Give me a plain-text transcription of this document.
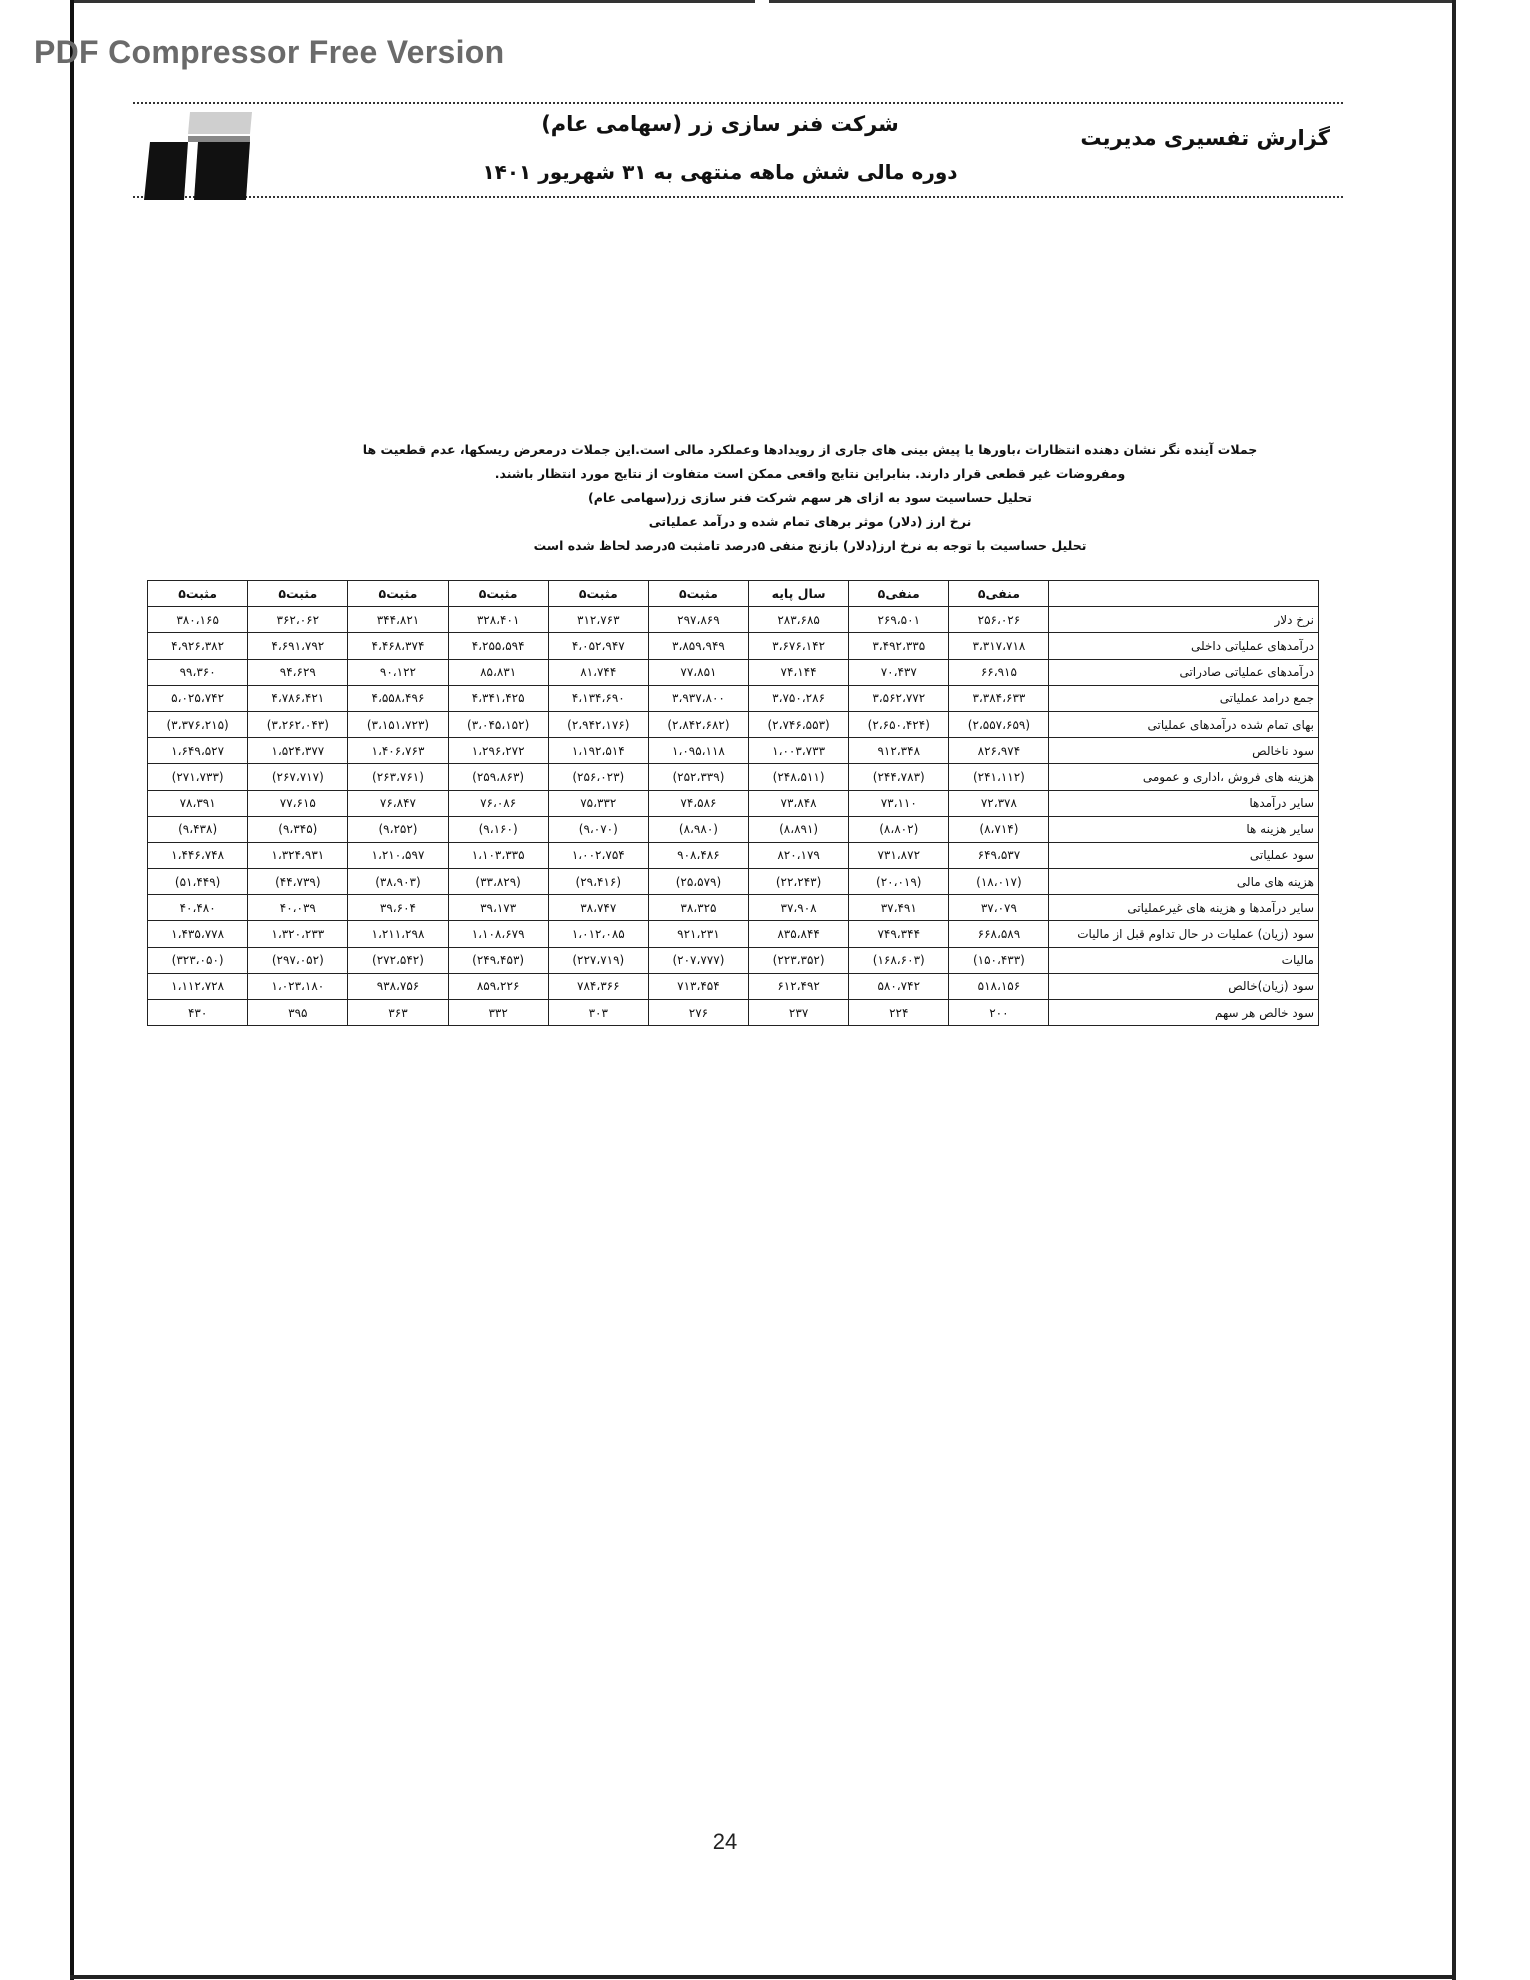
PDF Compressor Free Version
شرکت فنر سازی زر (سهامی عام)
دوره مالی شش ماهه منتهی به ۳۱ شهریور ۱۴۰۱
گزارش تفسیری مدیریت
جملات آینده نگر نشان دهنده انتظارات ،باورها یا پیش بینی های جاری از رویدادها وعملکرد مالی است.این جملات درمعرض ریسکها، عدم قطعیت ها
ومفروضات غیر قطعی قرار دارند. بنابراین نتایج واقعی ممکن است متفاوت از نتایج مورد انتظار باشند.
تحلیل حساسیت سود به ازای هر سهم شرکت فنر سازی زر(سهامی عام)
نرخ ارز (دلار) موثر برهای تمام شده و درآمد عملیاتی
تحلیل حساسیت با توجه به نرخ ارز(دلار) بازنج منفی ۵درصد تامثبت ۵درصد لحاظ شده است
	منفی۵	منفی۵	سال پایه	مثبت۵	مثبت۵	مثبت۵	مثبت۵	مثبت۵	مثبت۵
نرخ دلار	۲۵۶،۰۲۶	۲۶۹،۵۰۱	۲۸۳،۶۸۵	۲۹۷،۸۶۹	۳۱۲،۷۶۳	۳۲۸،۴۰۱	۳۴۴،۸۲۱	۳۶۲،۰۶۲	۳۸۰،۱۶۵
درآمدهای عملیاتی داخلی	۳،۳۱۷،۷۱۸	۳،۴۹۲،۳۳۵	۳،۶۷۶،۱۴۲	۳،۸۵۹،۹۴۹	۴،۰۵۲،۹۴۷	۴،۲۵۵،۵۹۴	۴،۴۶۸،۳۷۴	۴،۶۹۱،۷۹۲	۴،۹۲۶،۳۸۲
درآمدهای عملیاتی صادراتی	۶۶،۹۱۵	۷۰،۴۳۷	۷۴،۱۴۴	۷۷،۸۵۱	۸۱،۷۴۴	۸۵،۸۳۱	۹۰،۱۲۲	۹۴،۶۲۹	۹۹،۳۶۰
جمع درامد عملیاتی	۳،۳۸۴،۶۳۳	۳،۵۶۲،۷۷۲	۳،۷۵۰،۲۸۶	۳،۹۳۷،۸۰۰	۴،۱۳۴،۶۹۰	۴،۳۴۱،۴۲۵	۴،۵۵۸،۴۹۶	۴،۷۸۶،۴۲۱	۵،۰۲۵،۷۴۲
بهای تمام شده درآمدهای عملیاتی	(۲،۵۵۷،۶۵۹)	(۲،۶۵۰،۴۲۴)	(۲،۷۴۶،۵۵۳)	(۲،۸۴۲،۶۸۲)	(۲،۹۴۲،۱۷۶)	(۳،۰۴۵،۱۵۲)	(۳،۱۵۱،۷۲۳)	(۳،۲۶۲،۰۴۳)	(۳،۳۷۶،۲۱۵)
سود ناخالص	۸۲۶،۹۷۴	۹۱۲،۳۴۸	۱،۰۰۳،۷۳۳	۱،۰۹۵،۱۱۸	۱،۱۹۲،۵۱۴	۱،۲۹۶،۲۷۲	۱،۴۰۶،۷۶۳	۱،۵۲۴،۳۷۷	۱،۶۴۹،۵۲۷
هزینه های فروش ،اداری و عمومی	(۲۴۱،۱۱۲)	(۲۴۴،۷۸۳)	(۲۴۸،۵۱۱)	(۲۵۲،۳۳۹)	(۲۵۶،۰۲۳)	(۲۵۹،۸۶۳)	(۲۶۳،۷۶۱)	(۲۶۷،۷۱۷)	(۲۷۱،۷۳۳)
سایر درآمدها	۷۲،۳۷۸	۷۳،۱۱۰	۷۳،۸۴۸	۷۴،۵۸۶	۷۵،۳۳۲	۷۶،۰۸۶	۷۶،۸۴۷	۷۷،۶۱۵	۷۸،۳۹۱
سایر هزینه ها	(۸،۷۱۴)	(۸،۸۰۲)	(۸،۸۹۱)	(۸،۹۸۰)	(۹،۰۷۰)	(۹،۱۶۰)	(۹،۲۵۲)	(۹،۳۴۵)	(۹،۴۳۸)
سود عملیاتی	۶۴۹،۵۳۷	۷۳۱،۸۷۲	۸۲۰،۱۷۹	۹۰۸،۴۸۶	۱،۰۰۲،۷۵۴	۱،۱۰۳،۳۳۵	۱،۲۱۰،۵۹۷	۱،۳۲۴،۹۳۱	۱،۴۴۶،۷۴۸
هزینه های مالی	(۱۸،۰۱۷)	(۲۰،۰۱۹)	(۲۲،۲۴۳)	(۲۵،۵۷۹)	(۲۹،۴۱۶)	(۳۳،۸۲۹)	(۳۸،۹۰۳)	(۴۴،۷۳۹)	(۵۱،۴۴۹)
سایر درآمدها و هزینه های غیرعملیاتی	۳۷،۰۷۹	۳۷،۴۹۱	۳۷،۹۰۸	۳۸،۳۲۵	۳۸،۷۴۷	۳۹،۱۷۳	۳۹،۶۰۴	۴۰،۰۳۹	۴۰،۴۸۰
سود (زیان) عملیات در حال تداوم قبل از مالیات	۶۶۸،۵۸۹	۷۴۹،۳۴۴	۸۳۵،۸۴۴	۹۲۱،۲۳۱	۱،۰۱۲،۰۸۵	۱،۱۰۸،۶۷۹	۱،۲۱۱،۲۹۸	۱،۳۲۰،۲۳۳	۱،۴۳۵،۷۷۸
مالیات	(۱۵۰،۴۳۳)	(۱۶۸،۶۰۳)	(۲۲۳،۳۵۲)	(۲۰۷،۷۷۷)	(۲۲۷،۷۱۹)	(۲۴۹،۴۵۳)	(۲۷۲،۵۴۲)	(۲۹۷،۰۵۲)	(۳۲۳،۰۵۰)
سود (زیان)خالص	۵۱۸،۱۵۶	۵۸۰،۷۴۲	۶۱۲،۴۹۲	۷۱۳،۴۵۴	۷۸۴،۳۶۶	۸۵۹،۲۲۶	۹۳۸،۷۵۶	۱،۰۲۳،۱۸۰	۱،۱۱۲،۷۲۸
سود خالص هر سهم	۲۰۰	۲۲۴	۲۳۷	۲۷۶	۳۰۳	۳۳۲	۳۶۳	۳۹۵	۴۳۰
24
